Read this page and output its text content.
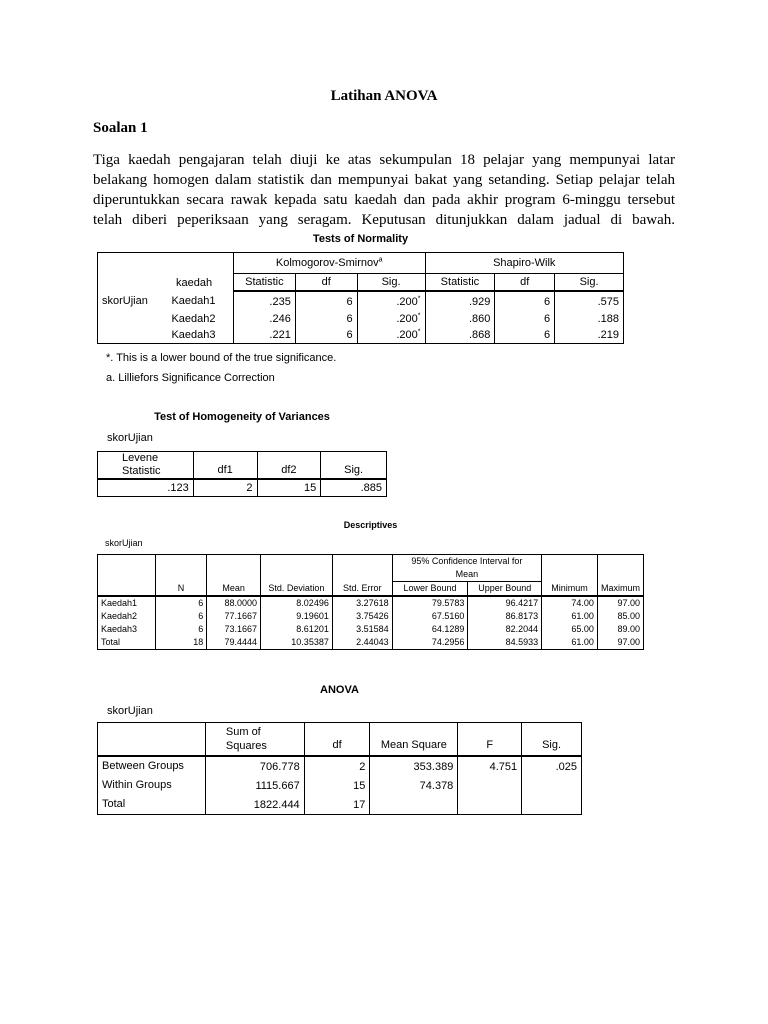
Latihan ANOVA
Soalan 1
Tiga kaedah pengajaran telah diuji ke atas sekumpulan 18 pelajar yang mempunyai latar
belakang homogen dalam statistik dan mempunyai bakat yang setanding. Setiap pelajar telah
diperuntukkan secara rawak kepada satu kaedah dan pada akhir program 6-minggu tersebut
telah diberi peperiksaan yang seragam. Keputusan ditunjukkan dalam jadual di bawah.
Tests of Normality
kaedah		Kolmogorov-Smirnov$^a$			Shapiro-Wilk		
		Statistic	df	Sig.	Statistic	df	Sig.
skorUjian	Kaedah1	.235	6	.200*	.929	6	.575
	Kaedah2	.246	6	.200*	.860	6	.188
	Kaedah3	.221	6	.200*	.868	6	.219
*. This is a lower bound of the true significance.
a. Lilliefors Significance Correction
Test of Homogeneity of Variances
skorUjian
Levene
Statistic	df1	df2	Sig.
.123	2	15	.885
Descriptives
skorUjian

	N	Mean	Std. Deviation	Std. Error	95% Confidence Interval for
Mean		Minimum	Maximum

					Lower Bound	Upper Bound		
Kaedah1	6	88.0000	8.02496	3.27618	79.5783	96.4217	74.00	97.00
Kaedah2	6	77.1667	9.19601	3.75426	67.5160	86.8173	61.00	85.00
Kaedah3	6	73.1667	8.61201	3.51584	64.1289	82.2044	65.00	89.00
Total	18	79.4444	10.35387	2.44043	74.2956	84.5933	61.00	97.00
ANOVA
skorUjian

	Sum of
Squares	df	Mean Square	F	Sig.
Between Groups	706.778	2	353.389	4.751	.025
Within Groups	1115.667	15	74.378		
Total	1822.444	17			
